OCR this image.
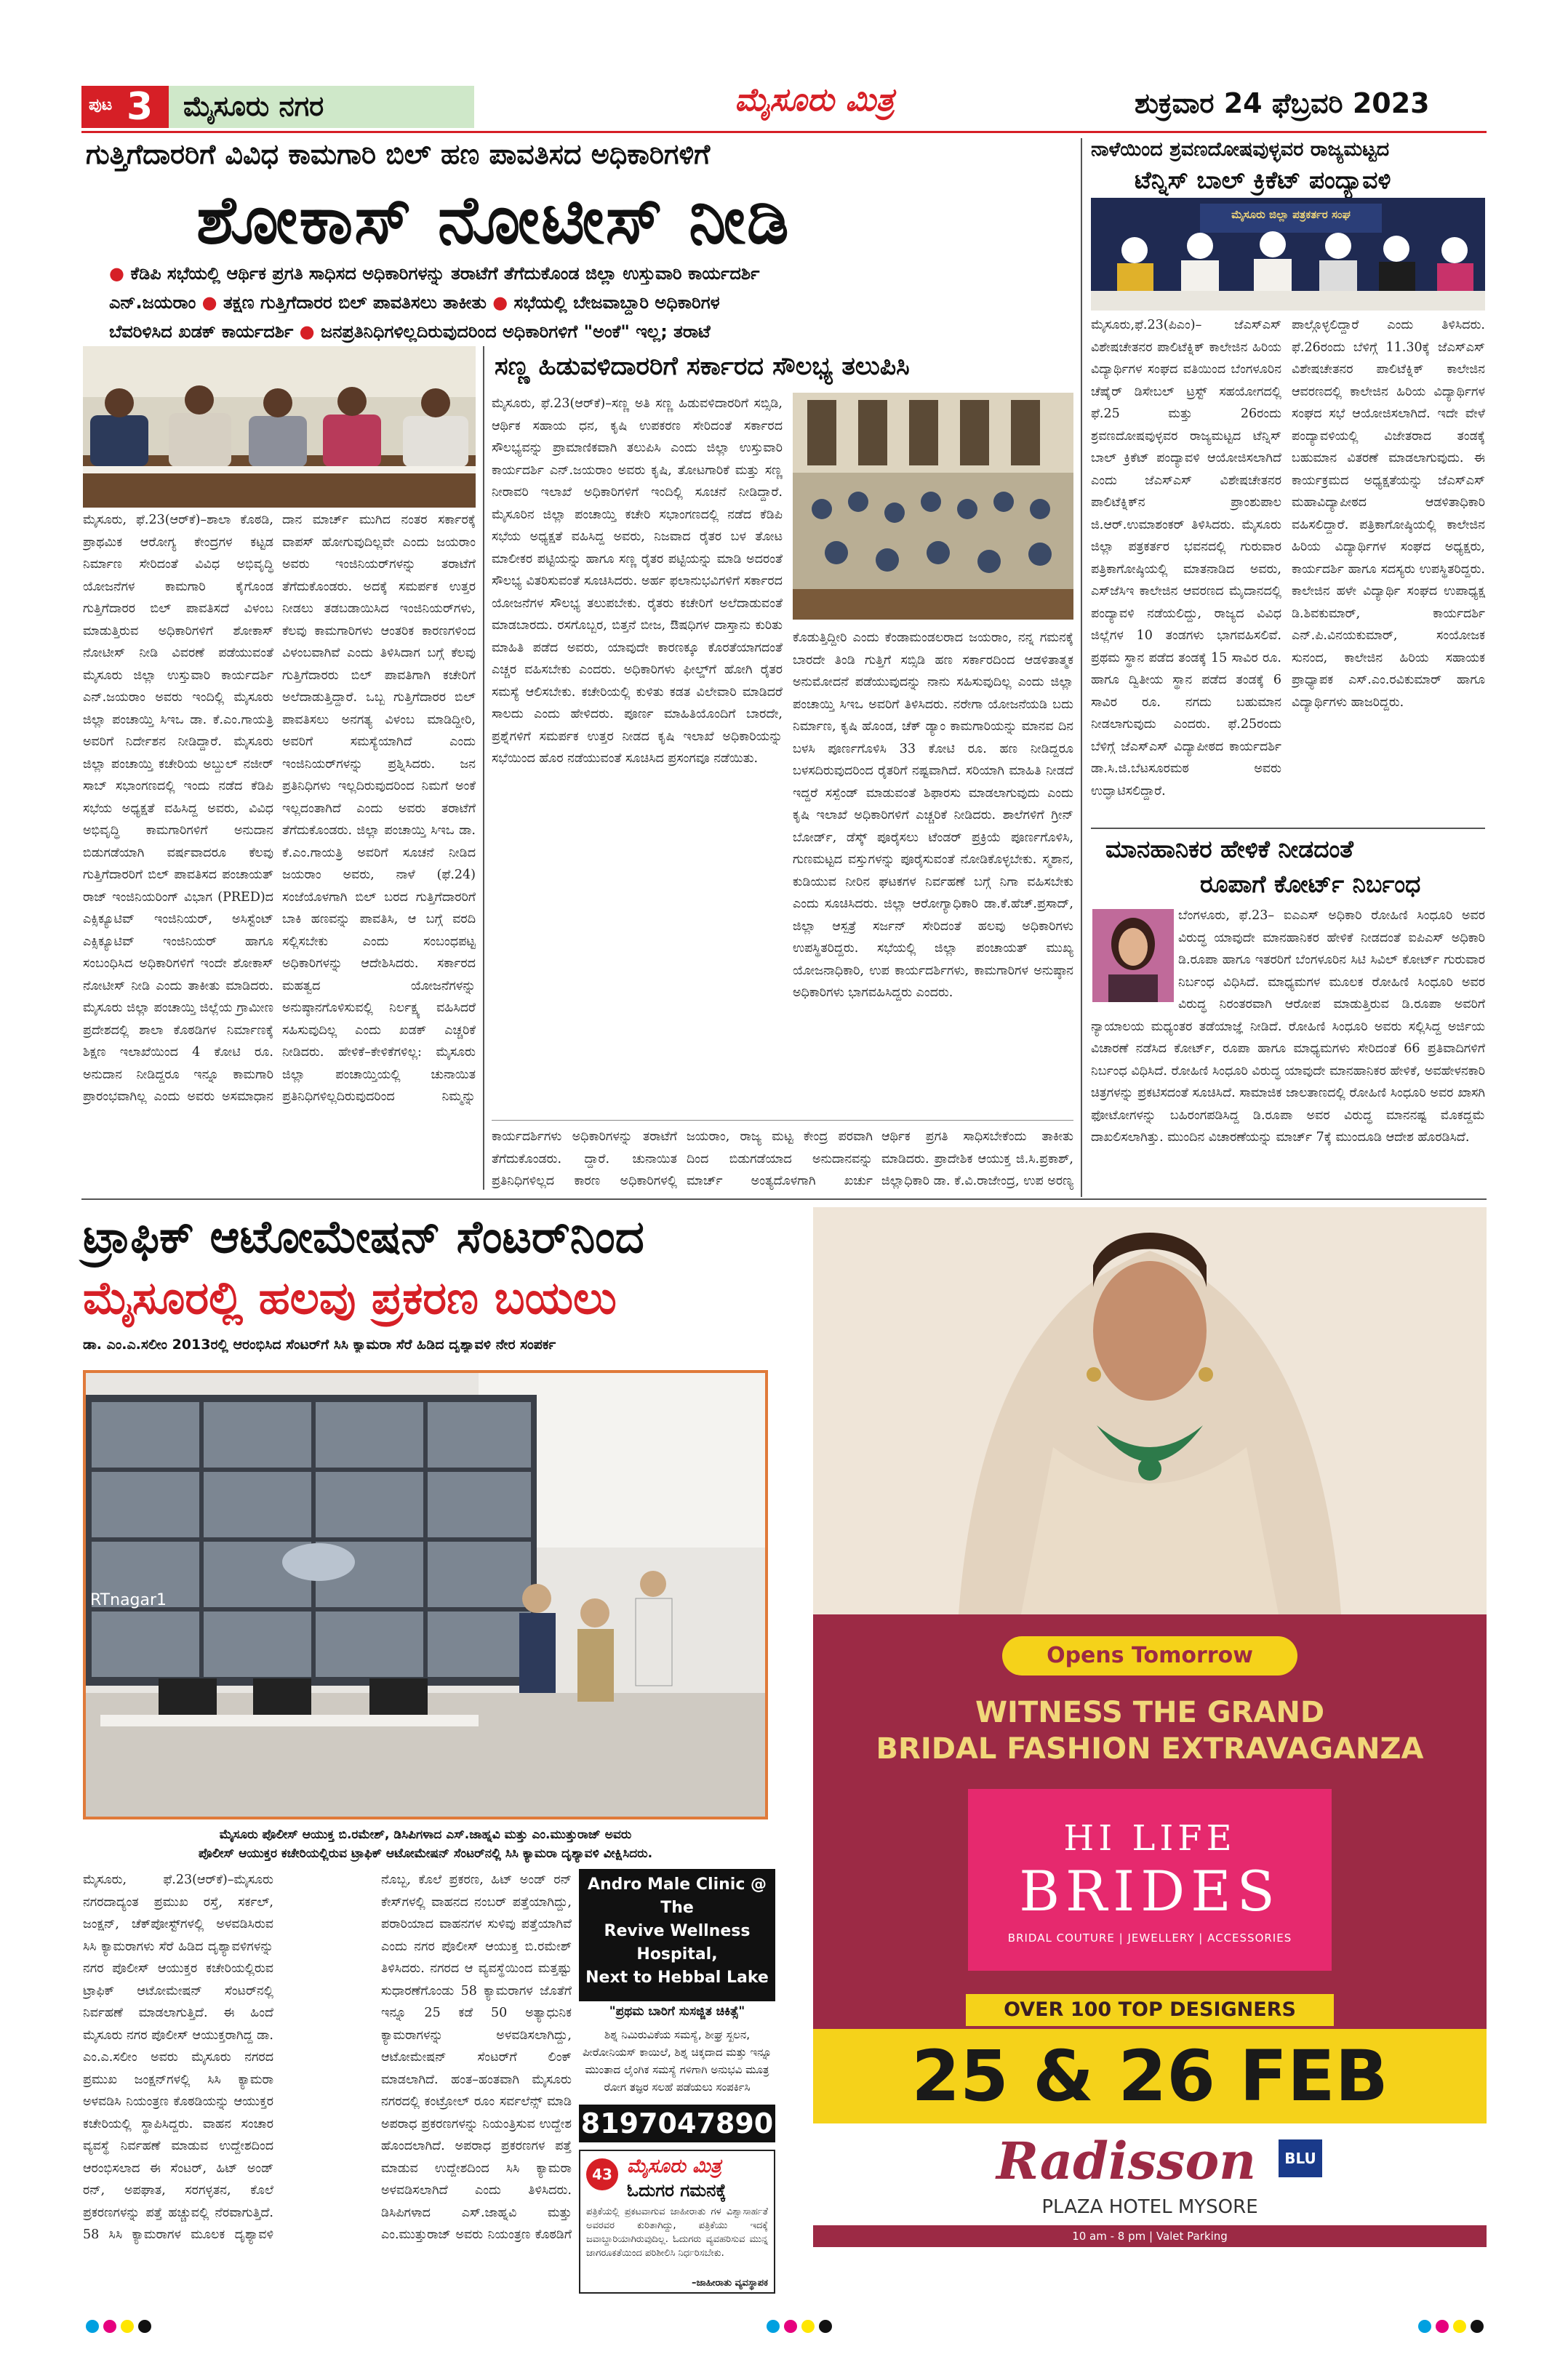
ಪುಟ 3 ಮೈಸೂರು ನಗರ	ಮೈಸೂರು ಮಿತ್ರ	ಶುಕ್ರವಾರ 24 ಫೆಬ್ರವರಿ 2023
ಗುತ್ತಿಗೆದಾರರಿಗೆ ವಿವಿಧ ಕಾಮಗಾರಿ ಬಿಲ್ ಹಣ ಪಾವತಿಸದ ಅಧಿಕಾರಿಗಳಿಗೆ
ಶೋಕಾಸ್ ನೋಟೀಸ್ ನೀಡಿ
● ಕೆಡಿಪಿ ಸಭೆಯಲ್ಲಿ ಆರ್ಥಿಕ ಪ್ರಗತಿ ಸಾಧಿಸದ ಅಧಿಕಾರಿಗಳನ್ನು ತರಾಟೆಗೆ ತೆಗೆದುಕೊಂಡ ಜಿಲ್ಲಾ ಉಸ್ತುವಾರಿ ಕಾರ್ಯದರ್ಶಿ
ಎನ್.ಜಯರಾಂ ● ತಕ್ಷಣ ಗುತ್ತಿಗೆದಾರರ ಬಿಲ್ ಪಾವತಿಸಲು ತಾಕೀತು ● ಸಭೆಯಲ್ಲಿ ಬೇಜವಾಬ್ದಾರಿ ಅಧಿಕಾರಿಗಳ
ಬೆವರಿಳಿಸಿದ ಖಡಕ್ ಕಾರ್ಯದರ್ಶಿ ● ಜನಪ್ರತಿನಿಧಿಗಳಿಲ್ಲದಿರುವುದರಿಂದ ಅಧಿಕಾರಿಗಳಿಗೆ "ಅಂಕೆ" ಇಲ್ಲ; ತರಾಟೆ
ಮೈಸೂರು, ಫೆ.23(ಆರ್‌ಕೆ)–ಶಾಲಾ ಕೊಠಡಿ, ಪ್ರಾಥಮಿಕ ಆರೋಗ್ಯ ಕೇಂದ್ರಗಳ ಕಟ್ಟಡ ನಿರ್ಮಾಣ ಸೇರಿದಂತೆ ವಿವಿಧ ಅಭಿವೃದ್ಧಿ ಯೋಜನೆಗಳ ಕಾಮಗಾರಿ ಕೈಗೊಂಡ ಗುತ್ತಿಗೆದಾರರ ಬಿಲ್ ಪಾವತಿಸದೆ ವಿಳಂಬ ಮಾಡುತ್ತಿರುವ ಅಧಿಕಾರಿಗಳಿಗೆ ಶೋಕಾಸ್ ನೋಟೀಸ್ ನೀಡಿ ವಿವರಣೆ ಪಡೆಯುವಂತೆ ಮೈಸೂರು ಜಿಲ್ಲಾ ಉಸ್ತುವಾರಿ ಕಾರ್ಯದರ್ಶಿ ಎನ್.ಜಯರಾಂ ಅವರು ಇಂದಿಲ್ಲಿ ಮೈಸೂರು ಜಿಲ್ಲಾ ಪಂಚಾಯ್ತಿ ಸಿಇಒ ಡಾ. ಕೆ.ಎಂ.ಗಾಯತ್ರಿ ಅವರಿಗೆ ನಿರ್ದೇಶನ ನೀಡಿದ್ದಾರೆ. ಮೈಸೂರು ಜಿಲ್ಲಾ ಪಂಚಾಯ್ತಿ ಕಚೇರಿಯ ಅಬ್ದುಲ್ ನಜೀರ್ ಸಾಬ್ ಸಭಾಂಗಣದಲ್ಲಿ ಇಂದು ನಡೆದ ಕೆಡಿಪಿ ಸಭೆಯ ಅಧ್ಯಕ್ಷತೆ ವಹಿಸಿದ್ದ ಅವರು, ವಿವಿಧ ಅಭಿವೃದ್ಧಿ ಕಾಮಗಾರಿಗಳಿಗೆ ಅನುದಾನ ಬಿಡುಗಡೆಯಾಗಿ ವರ್ಷವಾದರೂ ಕೆಲವು ಗುತ್ತಿಗೆದಾರರಿಗೆ ಬಿಲ್ ಪಾವತಿಸದ ಪಂಚಾಯತ್ ರಾಜ್ ಇಂಜಿನಿಯರಿಂಗ್ ವಿಭಾಗ (PRED)ದ ಎಕ್ಸಿಕ್ಯೂಟಿವ್ ಇಂಜಿನಿಯರ್, ಅಸಿಸ್ಟೆಂಟ್ ಎಕ್ಸಿಕ್ಯೂಟಿವ್ ಇಂಜಿನಿಯರ್ ಹಾಗೂ ಸಂಬಂಧಿಸಿದ ಅಧಿಕಾರಿಗಳಿಗೆ ಇಂದೇ ಶೋಕಾಸ್ ನೋಟೀಸ್ ನೀಡಿ ಎಂದು ತಾಕೀತು ಮಾಡಿದರು. ಮೈಸೂರು ಜಿಲ್ಲಾ ಪಂಚಾಯ್ತಿ ಜಿಲ್ಲೆಯ ಗ್ರಾಮೀಣ ಪ್ರದೇಶದಲ್ಲಿ ಶಾಲಾ ಕೊಠಡಿಗಳ ನಿರ್ಮಾಣಕ್ಕೆ ಶಿಕ್ಷಣ ಇಲಾಖೆಯಿಂದ 4 ಕೋಟಿ ರೂ. ಅನುದಾನ ನೀಡಿದ್ದರೂ ಇನ್ನೂ ಕಾಮಗಾರಿ ಪ್ರಾರಂಭವಾಗಿಲ್ಲ ಎಂದು ಅವರು ಅಸಮಾಧಾನ
ದಾನ ಮಾರ್ಚ್ ಮುಗಿದ ನಂತರ ಸರ್ಕಾರಕ್ಕೆ ವಾಪಸ್ ಹೋಗುವುದಿಲ್ಲವೇ ಎಂದು ಜಯರಾಂ ಅವರು ಇಂಜಿನಿಯರ್‌ಗಳನ್ನು ತರಾಟೆಗೆ ತೆಗೆದುಕೊಂಡರು. ಅದಕ್ಕೆ ಸಮರ್ಪಕ ಉತ್ತರ ನೀಡಲು ತಡಬಡಾಯಿಸಿದ ಇಂಜಿನಿಯರ್‌ಗಳು, ಕೆಲವು ಕಾಮಗಾರಿಗಳು ಆಂತರಿಕ ಕಾರಣಗಳಿಂದ ವಿಳಂಬವಾಗಿವೆ ಎಂದು ತಿಳಿಸಿದಾಗ ಬಗ್ಗೆ ಕೆಲವು ಗುತ್ತಿಗೆದಾರರು ಬಿಲ್ ಪಾವತಿಗಾಗಿ ಕಚೇರಿಗೆ ಅಲೆದಾಡುತ್ತಿದ್ದಾರೆ. ಒಬ್ಬ ಗುತ್ತಿಗೆದಾರರ ಬಿಲ್ ಪಾವತಿಸಲು ಅನಗತ್ಯ ವಿಳಂಬ ಮಾಡಿದ್ದೀರಿ, ಅವರಿಗೆ ಸಮಸ್ಯೆಯಾಗಿದೆ ಎಂದು ಇಂಜಿನಿಯರ್‌ಗಳನ್ನು ಪ್ರಶ್ನಿಸಿದರು. ಜನ ಪ್ರತಿನಿಧಿಗಳು ಇಲ್ಲದಿರುವುದರಿಂದ ನಿಮಗೆ ಅಂಕೆ ಇಲ್ಲದಂತಾಗಿದೆ ಎಂದು ಅವರು ತರಾಟೆಗೆ ತೆಗೆದುಕೊಂಡರು. ಜಿಲ್ಲಾ ಪಂಚಾಯ್ತಿ ಸಿಇಒ ಡಾ. ಕೆ.ಎಂ.ಗಾಯತ್ರಿ ಅವರಿಗೆ ಸೂಚನೆ ನೀಡಿದ ಜಯರಾಂ ಅವರು, ನಾಳೆ (ಫೆ.24) ಸಂಜೆಯೊಳಗಾಗಿ ಬಿಲ್ ಬರದ ಗುತ್ತಿಗೆದಾರರಿಗೆ ಬಾಕಿ ಹಣವನ್ನು ಪಾವತಿಸಿ, ಆ ಬಗ್ಗೆ ವರದಿ ಸಲ್ಲಿಸಬೇಕು ಎಂದು ಸಂಬಂಧಪಟ್ಟ ಅಧಿಕಾರಿಗಳನ್ನು ಆದೇಶಿಸಿದರು. ಸರ್ಕಾರದ ಮಹತ್ವದ ಯೋಜನೆಗಳನ್ನು ಅನುಷ್ಠಾನಗೊಳಿಸುವಲ್ಲಿ ನಿರ್ಲಕ್ಷ್ಯ ವಹಿಸಿದರೆ ಸಹಿಸುವುದಿಲ್ಲ ಎಂದು ಖಡಕ್ ಎಚ್ಚರಿಕೆ ನೀಡಿದರು. ಹೇಳಿಕೆ–ಕೇಳಿಕೆಗಳಿಲ್ಲ: ಮೈಸೂರು ಜಿಲ್ಲಾ ಪಂಚಾಯ್ತಿಯಲ್ಲಿ ಚುನಾಯಿತ ಪ್ರತಿನಿಧಿಗಳಿಲ್ಲದಿರುವುದರಿಂದ ನಿಮ್ಮನ್ನು
ಸಣ್ಣ ಹಿಡುವಳಿದಾರರಿಗೆ ಸರ್ಕಾರದ ಸೌಲಭ್ಯ ತಲುಪಿಸಿ
ಮೈಸೂರು, ಫೆ.23(ಆರ್‌ಕೆ)–ಸಣ್ಣ ಅತಿ ಸಣ್ಣ ಹಿಡುವಳಿದಾರರಿಗೆ ಸಬ್ಸಿಡಿ, ಆರ್ಥಿಕ ಸಹಾಯ ಧನ, ಕೃಷಿ ಉಪಕರಣ ಸೇರಿದಂತೆ ಸರ್ಕಾರದ ಸೌಲಭ್ಯವನ್ನು ಪ್ರಾಮಾಣಿಕವಾಗಿ ತಲುಪಿಸಿ ಎಂದು ಜಿಲ್ಲಾ ಉಸ್ತುವಾರಿ ಕಾರ್ಯದರ್ಶಿ ಎನ್.ಜಯರಾಂ ಅವರು ಕೃಷಿ, ತೋಟಗಾರಿಕೆ ಮತ್ತು ಸಣ್ಣ ನೀರಾವರಿ ಇಲಾಖೆ ಅಧಿಕಾರಿಗಳಿಗೆ ಇಂದಿಲ್ಲಿ ಸೂಚನೆ ನೀಡಿದ್ದಾರೆ. ಮೈಸೂರಿನ ಜಿಲ್ಲಾ ಪಂಚಾಯ್ತಿ ಕಚೇರಿ ಸಭಾಂಗಣದಲ್ಲಿ ನಡೆದ ಕೆಡಿಪಿ ಸಭೆಯ ಅಧ್ಯಕ್ಷತೆ ವಹಿಸಿದ್ದ ಅವರು, ನಿಜವಾದ ರೈತರ ಬಳ ತೋಟ ಮಾಲೀಕರ ಪಟ್ಟಿಯನ್ನು ಹಾಗೂ ಸಣ್ಣ ರೈತರ ಪಟ್ಟಿಯನ್ನು ಮಾಡಿ ಅದರಂತೆ ಸೌಲಭ್ಯ ವಿತರಿಸುವಂತೆ ಸೂಚಿಸಿದರು. ಅರ್ಹ ಫಲಾನುಭವಿಗಳಿಗೆ ಸರ್ಕಾರದ ಯೋಜನೆಗಳ ಸೌಲಭ್ಯ ತಲುಪಬೇಕು. ರೈತರು ಕಚೇರಿಗೆ ಅಲೆದಾಡುವಂತೆ ಮಾಡಬಾರದು. ರಸಗೊಬ್ಬರ, ಬಿತ್ತನೆ ಬೀಜ, ಔಷಧಿಗಳ ದಾಸ್ತಾನು ಕುರಿತು ಮಾಹಿತಿ ಪಡೆದ ಅವರು, ಯಾವುದೇ ಕಾರಣಕ್ಕೂ ಕೊರತೆಯಾಗದಂತೆ ಎಚ್ಚರ ವಹಿಸಬೇಕು ಎಂದರು. ಅಧಿಕಾರಿಗಳು ಫೀಲ್ಡ್‌ಗೆ ಹೋಗಿ ರೈತರ ಸಮಸ್ಯೆ ಆಲಿಸಬೇಕು. ಕಚೇರಿಯಲ್ಲಿ ಕುಳಿತು ಕಡತ ವಿಲೇವಾರಿ ಮಾಡಿದರೆ ಸಾಲದು ಎಂದು ಹೇಳಿದರು. ಪೂರ್ಣ ಮಾಹಿತಿಯೊಂದಿಗೆ ಬಾರದೇ, ಪ್ರಶ್ನೆಗಳಿಗೆ ಸಮರ್ಪಕ ಉತ್ತರ ನೀಡದ ಕೃಷಿ ಇಲಾಖೆ ಅಧಿಕಾರಿಯನ್ನು ಸಭೆಯಿಂದ ಹೊರ ನಡೆಯುವಂತೆ ಸೂಚಿಸಿದ ಪ್ರಸಂಗವೂ ನಡೆಯಿತು.
ಕೊಡುತ್ತಿದ್ದೀರಿ ಎಂದು ಕೆಂಡಾಮಂಡಲರಾದ ಜಯರಾಂ, ನನ್ನ ಗಮನಕ್ಕೆ ಬಾರದೇ ತಿಂಡಿ ಗುತ್ತಿಗೆ ಸಬ್ಸಿಡಿ ಹಣ ಸರ್ಕಾರದಿಂದ ಆಡಳಿತಾತ್ಮಕ ಅನುಮೋದನೆ ಪಡೆಯುವುದನ್ನು ನಾನು ಸಹಿಸುವುದಿಲ್ಲ ಎಂದು ಜಿಲ್ಲಾ ಪಂಚಾಯ್ತಿ ಸಿಇಒ ಅವರಿಗೆ ತಿಳಿಸಿದರು. ನರೇಗಾ ಯೋಜನೆಯಡಿ ಬದು ನಿರ್ಮಾಣ, ಕೃಷಿ ಹೊಂಡ, ಚೆಕ್ ಡ್ಯಾಂ ಕಾಮಗಾರಿಯನ್ನು ಮಾನವ ದಿನ ಬಳಸಿ ಪೂರ್ಣಗೊಳಿಸಿ 33 ಕೋಟಿ ರೂ. ಹಣ ನೀಡಿದ್ದರೂ ಬಳಸದಿರುವುದರಿಂದ ರೈತರಿಗೆ ನಷ್ಟವಾಗಿದೆ. ಸರಿಯಾಗಿ ಮಾಹಿತಿ ನೀಡದೆ ಇದ್ದರೆ ಸಸ್ಪೆಂಡ್ ಮಾಡುವಂತೆ ಶಿಫಾರಸು ಮಾಡಲಾಗುವುದು ಎಂದು ಕೃಷಿ ಇಲಾಖೆ ಅಧಿಕಾರಿಗಳಿಗೆ ಎಚ್ಚರಿಕೆ ನೀಡಿದರು. ಶಾಲೆಗಳಿಗೆ ಗ್ರೀನ್ ಬೋರ್ಡ್, ಡೆಸ್ಕ್ ಪೂರೈಸಲು ಟೆಂಡರ್ ಪ್ರಕ್ರಿಯೆ ಪೂರ್ಣಗೊಳಿಸಿ, ಗುಣಮಟ್ಟದ ವಸ್ತುಗಳನ್ನು ಪೂರೈಸುವಂತೆ ನೋಡಿಕೊಳ್ಳಬೇಕು. ಸ್ಮಶಾನ, ಕುಡಿಯುವ ನೀರಿನ ಘಟಕಗಳ ನಿರ್ವಹಣೆ ಬಗ್ಗೆ ನಿಗಾ ವಹಿಸಬೇಕು ಎಂದು ಸೂಚಿಸಿದರು. ಜಿಲ್ಲಾ ಆರೋಗ್ಯಾಧಿಕಾರಿ ಡಾ.ಕೆ.ಹೆಚ್.ಪ್ರಸಾದ್, ಜಿಲ್ಲಾ ಆಸ್ಪತ್ರೆ ಸರ್ಜನ್ ಸೇರಿದಂತೆ ಹಲವು ಅಧಿಕಾರಿಗಳು ಉಪಸ್ಥಿತರಿದ್ದರು. ಸಭೆಯಲ್ಲಿ ಜಿಲ್ಲಾ ಪಂಚಾಯತ್ ಮುಖ್ಯ ಯೋಜನಾಧಿಕಾರಿ, ಉಪ ಕಾರ್ಯದರ್ಶಿಗಳು, ಕಾಮಗಾರಿಗಳ ಅನುಷ್ಠಾನ ಅಧಿಕಾರಿಗಳು ಭಾಗವಹಿಸಿದ್ದರು ಎಂದರು.
ಕಾರ್ಯದರ್ಶಿಗಳು ಅಧಿಕಾರಿಗಳನ್ನು ತರಾಟೆಗೆ ತೆಗೆದುಕೊಂಡರು. ದ್ದಾರೆ. ಚುನಾಯಿತ ಪ್ರತಿನಿಧಿಗಳಿಲ್ಲದ ಕಾರಣ ಅಧಿಕಾರಿಗಳಲ್ಲಿ
ಜಯರಾಂ, ರಾಜ್ಯ ಮಟ್ಟ ಕೇಂದ್ರ ಪರವಾಗಿ ದಿಂದ ಬಿಡುಗಡೆಯಾದ ಅನುದಾನವನ್ನು ಮಾರ್ಚ್ ಅಂತ್ಯದೊಳಗಾಗಿ ಖರ್ಚು
ಆರ್ಥಿಕ ಪ್ರಗತಿ ಸಾಧಿಸಬೇಕೆಂದು ತಾಕೀತು ಮಾಡಿದರು. ಪ್ರಾದೇಶಿಕ ಆಯುಕ್ತ ಜಿ.ಸಿ.ಪ್ರಕಾಶ್, ಜಿಲ್ಲಾಧಿಕಾರಿ ಡಾ. ಕೆ.ವಿ.ರಾಜೇಂದ್ರ, ಉಪ ಅರಣ್ಯ
ನಾಳೆಯಿಂದ ಶ್ರವಣದೋಷವುಳ್ಳವರ ರಾಜ್ಯಮಟ್ಟದ
ಟೆನ್ನಿಸ್ ಬಾಲ್ ಕ್ರಿಕೆಟ್ ಪಂದ್ಯಾವಳಿ
ಮೈಸೂರು ಜಿಲ್ಲಾ ಪತ್ರಕರ್ತರ ಸಂಘ
ಮೈಸೂರು,ಫೆ.23(ಪಿಎಂ)– ಜೆಎಸ್‌ಎಸ್ ವಿಶೇಷಚೇತನರ ಪಾಲಿಟೆಕ್ನಿಕ್ ಕಾಲೇಜಿನ ಹಿರಿಯ ವಿದ್ಯಾರ್ಥಿಗಳ ಸಂಘದ ವತಿಯಿಂದ ಬೆಂಗಳೂರಿನ ಚೆಷೈರ್ ಡಿಸೇಬಲ್ ಟ್ರಸ್ಟ್ ಸಹಯೋಗದಲ್ಲಿ ಫೆ.25 ಮತ್ತು 26ರಂದು ಶ್ರವಣದೋಷವುಳ್ಳವರ ರಾಜ್ಯಮಟ್ಟದ ಟೆನ್ನಿಸ್ ಬಾಲ್ ಕ್ರಿಕೆಟ್ ಪಂದ್ಯಾವಳಿ ಆಯೋಜಿಸಲಾಗಿದೆ ಎಂದು ಜೆಎಸ್‌ಎಸ್ ವಿಶೇಷಚೇತನರ ಪಾಲಿಟೆಕ್ನಿಕ್‌ನ ಪ್ರಾಂಶುಪಾಲ ಜಿ.ಆರ್.ಉಮಾಶಂಕರ್ ತಿಳಿಸಿದರು. ಮೈಸೂರು ಜಿಲ್ಲಾ ಪತ್ರಕರ್ತರ ಭವನದಲ್ಲಿ ಗುರುವಾರ ಪತ್ರಿಕಾಗೋಷ್ಠಿಯಲ್ಲಿ ಮಾತನಾಡಿದ ಅವರು, ಎಸ್‌ಜೆಸಿಇ ಕಾಲೇಜಿನ ಆವರಣದ ಮೈದಾನದಲ್ಲಿ ಪಂದ್ಯಾವಳಿ ನಡೆಯಲಿದ್ದು, ರಾಜ್ಯದ ವಿವಿಧ ಜಿಲ್ಲೆಗಳ 10 ತಂಡಗಳು ಭಾಗವಹಿಸಲಿವೆ. ಪ್ರಥಮ ಸ್ಥಾನ ಪಡೆದ ತಂಡಕ್ಕೆ 15 ಸಾವಿರ ರೂ. ಹಾಗೂ ದ್ವಿತೀಯ ಸ್ಥಾನ ಪಡೆದ ತಂಡಕ್ಕೆ 6 ಸಾವಿರ ರೂ. ನಗದು ಬಹುಮಾನ ನೀಡಲಾಗುವುದು ಎಂದರು. ಫೆ.25ರಂದು ಬೆಳಿಗ್ಗೆ ಜೆಎಸ್‌ಎಸ್ ವಿದ್ಯಾಪೀಠದ ಕಾರ್ಯದರ್ಶಿ ಡಾ.ಸಿ.ಜಿ.ಬೆಟಸೂರಮಠ ಅವರು ಉದ್ಘಾಟಿಸಲಿದ್ದಾರೆ.
ಪಾಲ್ಗೊಳ್ಳಲಿದ್ದಾರೆ ಎಂದು ತಿಳಿಸಿದರು. ಫೆ.26ರಂದು ಬೆಳಿಗ್ಗೆ 11.30ಕ್ಕೆ ಜೆಎಸ್‌ಎಸ್ ವಿಶೇಷಚೇತನರ ಪಾಲಿಟೆಕ್ನಿಕ್ ಕಾಲೇಜಿನ ಆವರಣದಲ್ಲಿ ಕಾಲೇಜಿನ ಹಿರಿಯ ವಿದ್ಯಾರ್ಥಿಗಳ ಸಂಘದ ಸಭೆ ಆಯೋಜಿಸಲಾಗಿದೆ. ಇದೇ ವೇಳೆ ಪಂದ್ಯಾವಳಿಯಲ್ಲಿ ವಿಜೇತರಾದ ತಂಡಕ್ಕೆ ಬಹುಮಾನ ವಿತರಣೆ ಮಾಡಲಾಗುವುದು. ಈ ಕಾರ್ಯಕ್ರಮದ ಅಧ್ಯಕ್ಷತೆಯನ್ನು ಜೆಎಸ್‌ಎಸ್ ಮಹಾವಿದ್ಯಾಪೀಠದ ಆಡಳಿತಾಧಿಕಾರಿ ವಹಿಸಲಿದ್ದಾರೆ. ಪತ್ರಿಕಾಗೋಷ್ಠಿಯಲ್ಲಿ ಕಾಲೇಜಿನ ಹಿರಿಯ ವಿದ್ಯಾರ್ಥಿಗಳ ಸಂಘದ ಅಧ್ಯಕ್ಷರು, ಕಾರ್ಯದರ್ಶಿ ಹಾಗೂ ಸದಸ್ಯರು ಉಪಸ್ಥಿತರಿದ್ದರು. ಕಾಲೇಜಿನ ಹಳೇ ವಿದ್ಯಾರ್ಥಿ ಸಂಘದ ಉಪಾಧ್ಯಕ್ಷ ಡಿ.ಶಿವಕುಮಾರ್, ಕಾರ್ಯದರ್ಶಿ ಎನ್.ಪಿ.ವಿನಯಕುಮಾರ್, ಸಂಯೋಜಕ ಸುನಂದ, ಕಾಲೇಜಿನ ಹಿರಿಯ ಸಹಾಯಕ ಪ್ರಾಧ್ಯಾಪಕ ಎಸ್.ಎಂ.ರವಿಕುಮಾರ್ ಹಾಗೂ ವಿದ್ಯಾರ್ಥಿಗಳು ಹಾಜರಿದ್ದರು.
ಮಾನಹಾನಿಕರ ಹೇಳಿಕೆ ನೀಡದಂತೆ
ರೂಪಾಗೆ ಕೋರ್ಟ್ ನಿರ್ಬಂಧ
ಬೆಂಗಳೂರು, ಫೆ.23– ಐಎಎಸ್ ಅಧಿಕಾರಿ ರೋಹಿಣಿ ಸಿಂಧೂರಿ ಅವರ ವಿರುದ್ಧ ಯಾವುದೇ ಮಾನಹಾನಿಕರ ಹೇಳಿಕೆ ನೀಡದಂತೆ ಐಪಿಎಸ್ ಅಧಿಕಾರಿ ಡಿ.ರೂಪಾ ಹಾಗೂ ಇತರರಿಗೆ ಬೆಂಗಳೂರಿನ ಸಿಟಿ ಸಿವಿಲ್ ಕೋರ್ಟ್ ಗುರುವಾರ ನಿರ್ಬಂಧ ವಿಧಿಸಿದೆ. ಮಾಧ್ಯಮಗಳ ಮೂಲಕ ರೋಹಿಣಿ ಸಿಂಧೂರಿ ಅವರ ವಿರುದ್ಧ ನಿರಂತರವಾಗಿ ಆರೋಪ ಮಾಡುತ್ತಿರುವ ಡಿ.ರೂಪಾ ಅವರಿಗೆ ನ್ಯಾಯಾಲಯ ಮಧ್ಯಂತರ ತಡೆಯಾಜ್ಞೆ ನೀಡಿದೆ. ರೋಹಿಣಿ ಸಿಂಧೂರಿ ಅವರು ಸಲ್ಲಿಸಿದ್ದ ಅರ್ಜಿಯ ವಿಚಾರಣೆ ನಡೆಸಿದ ಕೋರ್ಟ್, ರೂಪಾ ಹಾಗೂ ಮಾಧ್ಯಮಗಳು ಸೇರಿದಂತೆ 66 ಪ್ರತಿವಾದಿಗಳಿಗೆ ನಿರ್ಬಂಧ ವಿಧಿಸಿದೆ. ರೋಹಿಣಿ ಸಿಂಧೂರಿ ವಿರುದ್ಧ ಯಾವುದೇ ಮಾನಹಾನಿಕರ ಹೇಳಿಕೆ, ಅವಹೇಳನಕಾರಿ ಚಿತ್ರಗಳನ್ನು ಪ್ರಕಟಿಸದಂತೆ ಸೂಚಿಸಿದೆ. ಸಾಮಾಜಿಕ ಜಾಲತಾಣದಲ್ಲಿ ರೋಹಿಣಿ ಸಿಂಧೂರಿ ಅವರ ಖಾಸಗಿ ಫೋಟೋಗಳನ್ನು ಬಹಿರಂಗಪಡಿಸಿದ್ದ ಡಿ.ರೂಪಾ ಅವರ ವಿರುದ್ಧ ಮಾನನಷ್ಟ ಮೊಕದ್ದಮೆ ದಾಖಲಿಸಲಾಗಿತ್ತು. ಮುಂದಿನ ವಿಚಾರಣೆಯನ್ನು ಮಾರ್ಚ್ 7ಕ್ಕೆ ಮುಂದೂಡಿ ಆದೇಶ ಹೊರಡಿಸಿದೆ.
ಟ್ರಾಫಿಕ್ ಆಟೋಮೇಷನ್ ಸೆಂಟರ್‌ನಿಂದ
ಮೈಸೂರಲ್ಲಿ ಹಲವು ಪ್ರಕರಣ ಬಯಲು
ಡಾ. ಎಂ.ಎ.ಸಲೀಂ 2013ರಲ್ಲಿ ಆರಂಭಿಸಿದ ಸೆಂಟರ್‌ಗೆ ಸಿಸಿ ಕ್ಯಾಮರಾ ಸೆರೆ ಹಿಡಿದ ದೃಶ್ಯಾವಳಿ ನೇರ ಸಂಪರ್ಕ
RTnagar1
ಮೈಸೂರು ಪೊಲೀಸ್ ಆಯುಕ್ತ ಬಿ.ರಮೇಶ್, ಡಿಸಿಪಿಗಳಾದ ಎಸ್.ಜಾಹ್ನವಿ ಮತ್ತು ಎಂ.ಮುತ್ತುರಾಜ್ ಅವರು
ಪೊಲೀಸ್ ಆಯುಕ್ತರ ಕಚೇರಿಯಲ್ಲಿರುವ ಟ್ರಾಫಿಕ್ ಆಟೋಮೇಷನ್ ಸೆಂಟರ್‌ನಲ್ಲಿ ಸಿಸಿ ಕ್ಯಾಮರಾ ದೃಶ್ಯಾವಳಿ ವೀಕ್ಷಿಸಿದರು.
ಮೈಸೂರು, ಫೆ.23(ಆರ್‌ಕೆ)–ಮೈಸೂರು ನಗರದಾದ್ಯಂತ ಪ್ರಮುಖ ರಸ್ತೆ, ಸರ್ಕಲ್, ಜಂಕ್ಷನ್, ಚೆಕ್‌ಪೋಸ್ಟ್‌ಗಳಲ್ಲಿ ಅಳವಡಿಸಿರುವ ಸಿಸಿ ಕ್ಯಾಮರಾಗಳು ಸೆರೆ ಹಿಡಿದ ದೃಶ್ಯಾವಳಿಗಳನ್ನು ನಗರ ಪೊಲೀಸ್ ಆಯುಕ್ತರ ಕಚೇರಿಯಲ್ಲಿರುವ ಟ್ರಾಫಿಕ್ ಆಟೋಮೇಷನ್ ಸೆಂಟರ್‌ನಲ್ಲಿ ನಿರ್ವಹಣೆ ಮಾಡಲಾಗುತ್ತಿದೆ. ಈ ಹಿಂದೆ ಮೈಸೂರು ನಗರ ಪೊಲೀಸ್ ಆಯುಕ್ತರಾಗಿದ್ದ ಡಾ. ಎಂ.ಎ.ಸಲೀಂ ಅವರು ಮೈಸೂರು ನಗರದ ಪ್ರಮುಖ ಜಂಕ್ಷನ್‌ಗಳಲ್ಲಿ ಸಿಸಿ ಕ್ಯಾಮರಾ ಅಳವಡಿಸಿ ನಿಯಂತ್ರಣ ಕೊಠಡಿಯನ್ನು ಆಯುಕ್ತರ ಕಚೇರಿಯಲ್ಲಿ ಸ್ಥಾಪಿಸಿದ್ದರು. ವಾಹನ ಸಂಚಾರ ವ್ಯವಸ್ಥೆ ನಿರ್ವಹಣೆ ಮಾಡುವ ಉದ್ದೇಶದಿಂದ ಆರಂಭಿಸಲಾದ ಈ ಸೆಂಟರ್, ಹಿಟ್ ಅಂಡ್ ರನ್, ಅಪಘಾತ, ಸರಗಳ್ಳತನ, ಕೊಲೆ ಪ್ರಕರಣಗಳನ್ನು ಪತ್ತೆ ಹಚ್ಚುವಲ್ಲಿ ನೆರವಾಗುತ್ತಿದೆ. 58 ಸಿಸಿ ಕ್ಯಾಮರಾಗಳ ಮೂಲಕ ದೃಶ್ಯಾವಳಿ
ನೊಬ್ಬ, ಕೊಲೆ ಪ್ರಕರಣ, ಹಿಟ್ ಅಂಡ್ ರನ್ ಕೇಸ್‌ಗಳಲ್ಲಿ ವಾಹನದ ನಂಬರ್ ಪತ್ತೆಯಾಗಿದ್ದು, ಪರಾರಿಯಾದ ವಾಹನಗಳ ಸುಳಿವು ಪತ್ತೆಯಾಗಿವೆ ಎಂದು ನಗರ ಪೊಲೀಸ್ ಆಯುಕ್ತ ಬಿ.ರಮೇಶ್ ತಿಳಿಸಿದರು. ನಗರದ ಆ ವ್ಯವಸ್ಥೆಯಿಂದ ಮತ್ತಷ್ಟು ಸುಧಾರಣೆಗೊಂಡು 58 ಕ್ಯಾಮರಾಗಳ ಜೊತೆಗೆ ಇನ್ನೂ 25 ಕಡೆ 50 ಅತ್ಯಾಧುನಿಕ ಕ್ಯಾಮರಾಗಳನ್ನು ಅಳವಡಿಸಲಾಗಿದ್ದು, ಆಟೋಮೇಷನ್ ಸೆಂಟರ್‌ಗೆ ಲಿಂಕ್ ಮಾಡಲಾಗಿದೆ. ಹಂತ–ಹಂತವಾಗಿ ಮೈಸೂರು ನಗರದಲ್ಲಿ ಕಂಟ್ರೋಲ್ ರೂಂ ಸರ್ವಲೆನ್ಸ್ ಮಾಡಿ ಅಪರಾಧ ಪ್ರಕರಣಗಳನ್ನು ನಿಯಂತ್ರಿಸುವ ಉದ್ದೇಶ ಹೊಂದಲಾಗಿದೆ. ಅಪರಾಧ ಪ್ರಕರಣಗಳ ಪತ್ತೆ ಮಾಡುವ ಉದ್ದೇಶದಿಂದ ಸಿಸಿ ಕ್ಯಾಮರಾ ಅಳವಡಿಸಲಾಗಿದೆ ಎಂದು ತಿಳಿಸಿದರು. ಡಿಸಿಪಿಗಳಾದ ಎಸ್.ಜಾಹ್ನವಿ ಮತ್ತು ಎಂ.ಮುತ್ತುರಾಜ್ ಅವರು ನಿಯಂತ್ರಣ ಕೊಠಡಿಗೆ
Andro Male Clinic @ The
Revive Wellness Hospital,
Next to Hebbal Lake
"ಪ್ರಥಮ ಬಾರಿಗೆ ಸುಸಜ್ಜಿತ ಚಿಕಿತ್ಸೆ"
ಶಿಶ್ನ ನಿಮಿರುವಿಕೆಯ ಸಮಸ್ಯೆ, ಶೀಘ್ರ ಸ್ಖಲನ, ಪೀರೋನಿಯಸ್ ಕಾಯಿಲೆ, ಶಿಶ್ನ ಚಿಕ್ಕದಾದ ಮತ್ತು ಇನ್ನೂ ಮುಂತಾದ ಲೈಂಗಿಕ ಸಮಸ್ಯೆ ಗಳಿಗಾಗಿ ಅನುಭವಿ ಮೂತ್ರ ರೋಗ ತಜ್ಞರ ಸಲಹೆ ಪಡೆಯಲು ಸಂಪರ್ಕಿಸಿ
8197047890
43 ಮೈಸೂರು ಮಿತ್ರ
ಓದುಗರ ಗಮನಕ್ಕೆ
ಪತ್ರಿಕೆಯಲ್ಲಿ ಪ್ರಕಟವಾಗುವ ಜಾಹೀರಾತು ಗಳ ವಿಶ್ವಾಸಾರ್ಹತೆ ಅವರವರ ಕುರಿತಾಗಿದ್ದು, ಪತ್ರಿಕೆಯು ಇದಕ್ಕೆ ಜವಾಬ್ದಾರಿಯಾಗಿರುವುದಿಲ್ಲ. ಓದುಗರು ವ್ಯವಹರಿಸುವ ಮುನ್ನ ಜಾಗರೂಕತೆಯಿಂದ ಪರಿಶೀಲಿಸಿ ನಿರ್ಧರಿಸಬೇಕು.
–ಜಾಹೀರಾತು ವ್ಯವಸ್ಥಾಪಕ
Opens Tomorrow
WITNESS THE GRAND
BRIDAL FASHION EXTRAVAGANZA
HI LIFE
BRIDES
BRIDAL COUTURE | JEWELLERY | ACCESSORIES
OVER 100 TOP DESIGNERS
25 & 26 FEB
Radisson	BLU
PLAZA HOTEL MYSORE
10 am - 8 pm | Valet Parking
